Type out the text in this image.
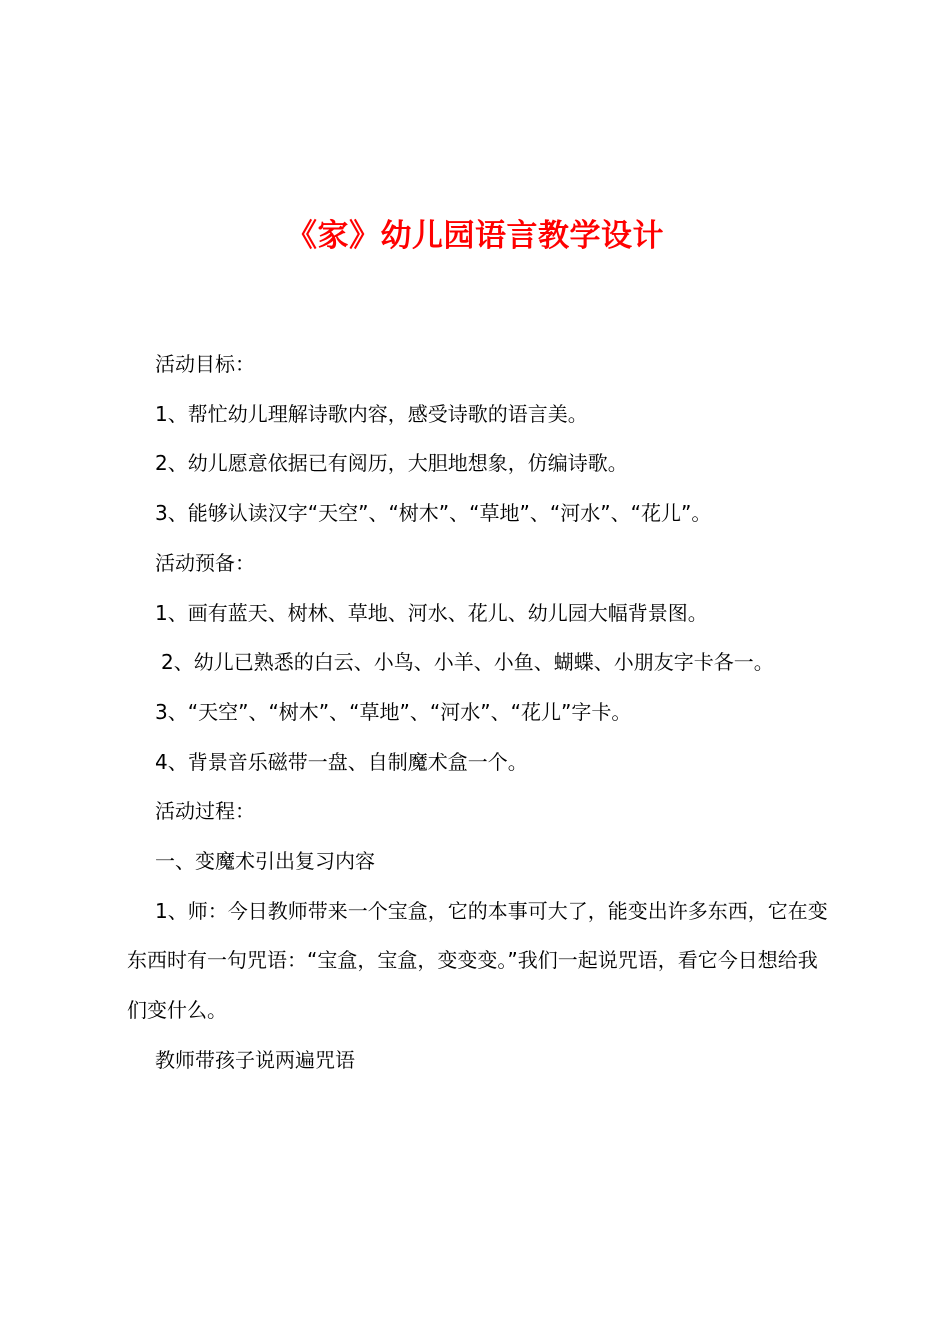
《家》幼儿园语言教学设计

活动目标：

1、帮忙幼儿理解诗歌内容，感受诗歌的语言美。

2、幼儿愿意依据已有阅历，大胆地想象，仿编诗歌。

3、能够认读汉字“天空”、“树木”、“草地”、“河水”、“花儿”。

活动预备：

1、画有蓝天、树林、草地、河水、花儿、幼儿园大幅背景图。

2、幼儿已熟悉的白云、小鸟、小羊、小鱼、蝴蝶、小朋友字卡各一。

3、“天空”、“树木”、“草地”、“河水”、“花儿”字卡。

4、背景音乐磁带一盘、自制魔术盒一个。

活动过程：

一、变魔术引出复习内容

1、师：今日教师带来一个宝盒，它的本事可大了，能变出许多东西，它在变东西时有一句咒语：“宝盒，宝盒，变变变。”我们一起说咒语，看它今日想给我们变什么。

教师带孩子说两遍咒语
